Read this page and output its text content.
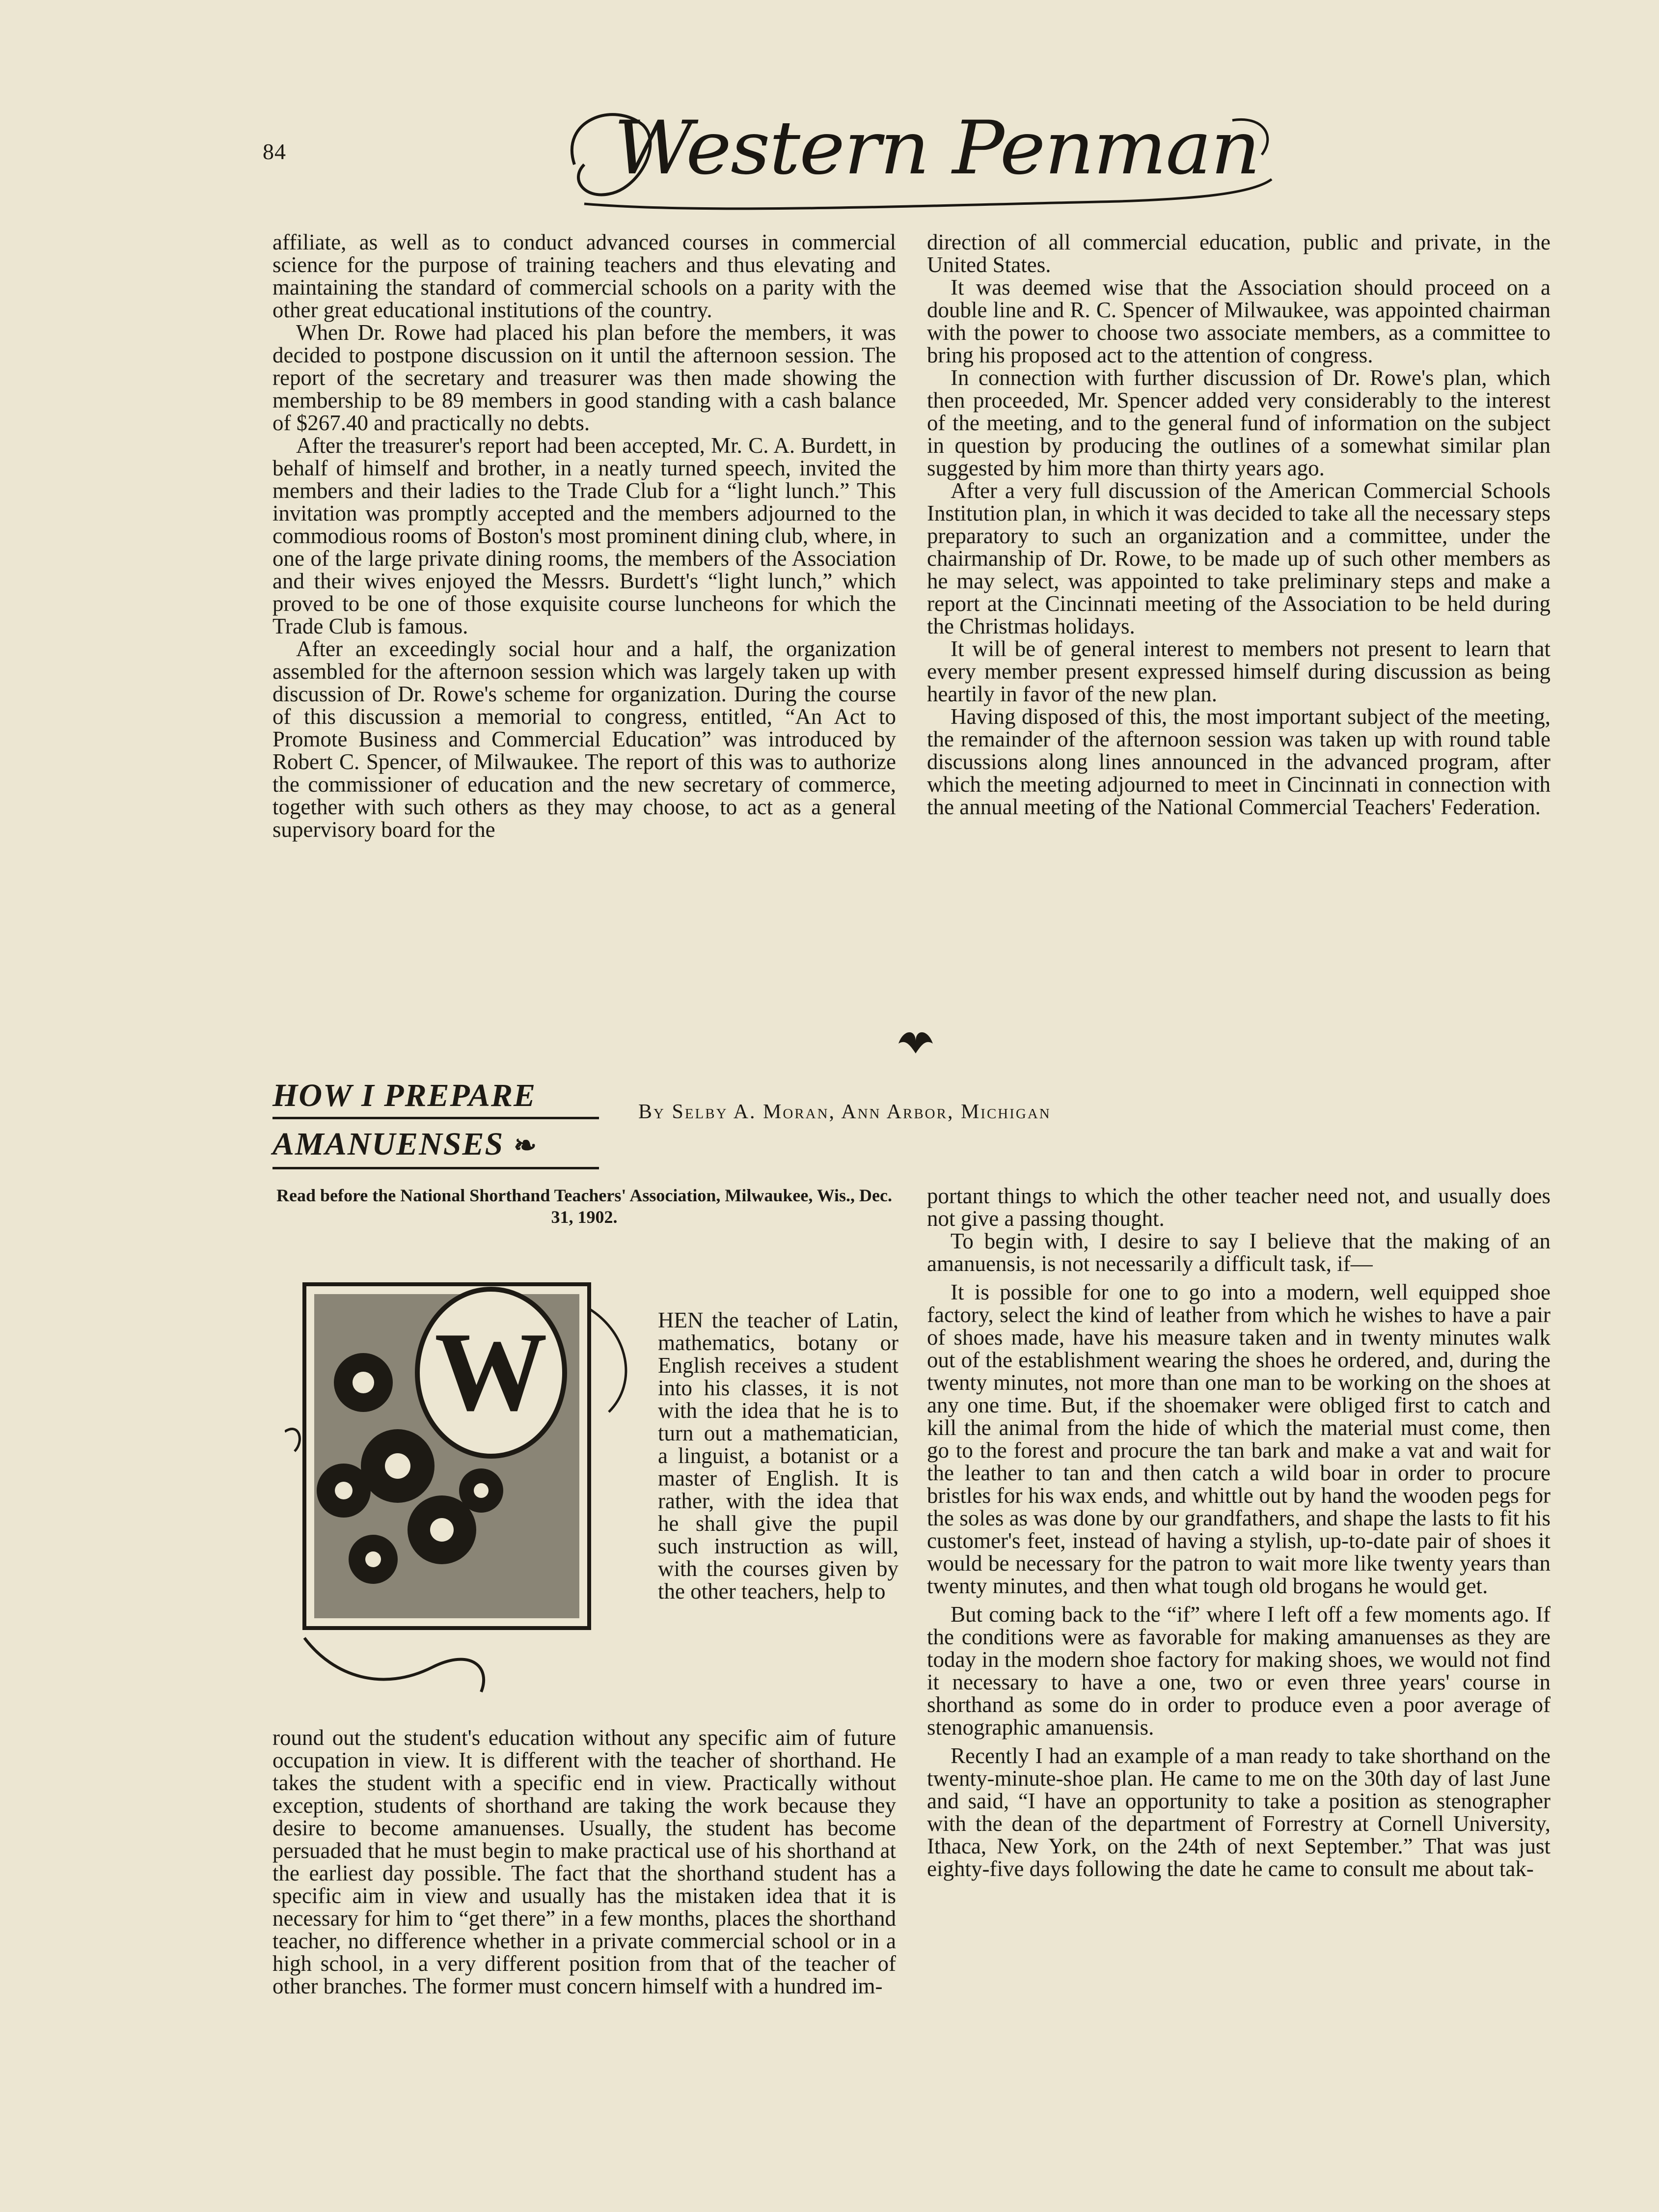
84	Western Penman

affiliate, as well as to conduct advanced courses in commercial science for the purpose of training teachers and thus elevating and maintaining the standard of commercial schools on a parity with the other great educational institutions of the country.

When Dr. Rowe had placed his plan before the members, it was decided to postpone discussion on it until the afternoon session. The report of the secretary and treasurer was then made showing the membership to be 89 members in good standing with a cash balance of $267.40 and practically no debts.

After the treasurer's report had been accepted, Mr. C. A. Burdett, in behalf of himself and brother, in a neatly turned speech, invited the members and their ladies to the Trade Club for a “light lunch.” This invitation was promptly accepted and the members adjourned to the commodious rooms of Boston's most prominent dining club, where, in one of the large private dining rooms, the members of the Association and their wives enjoyed the Messrs. Burdett's “light lunch,” which proved to be one of those exquisite course luncheons for which the Trade Club is famous.

After an exceedingly social hour and a half, the organization assembled for the afternoon session which was largely taken up with discussion of Dr. Rowe's scheme for organization. During the course of this discussion a memorial to congress, entitled, “An Act to Promote Business and Commercial Education” was introduced by Robert C. Spencer, of Milwaukee. The report of this was to authorize the commissioner of education and the new secretary of commerce, together with such others as they may choose, to act as a general supervisory board for the

direction of all commercial education, public and private, in the United States.

It was deemed wise that the Association should proceed on a double line and R. C. Spencer of Milwaukee, was appointed chairman with the power to choose two associate members, as a committee to bring his proposed act to the attention of congress.

In connection with further discussion of Dr. Rowe's plan, which then proceeded, Mr. Spencer added very considerably to the interest of the meeting, and to the general fund of information on the subject in question by producing the outlines of a somewhat similar plan suggested by him more than thirty years ago.

After a very full discussion of the American Commercial Schools Institution plan, in which it was decided to take all the necessary steps preparatory to such an organization and a committee, under the chairmanship of Dr. Rowe, to be made up of such other members as he may select, was appointed to take preliminary steps and make a report at the Cincinnati meeting of the Association to be held during the Christmas holidays.

It will be of general interest to members not present to learn that every member present expressed himself during discussion as being heartily in favor of the new plan.

Having disposed of this, the most important subject of the meeting, the remainder of the afternoon session was taken up with round table discussions along lines announced in the advanced program, after which the meeting adjourned to meet in Cincinnati in connection with the annual meeting of the National Commercial Teachers' Federation.

HOW I PREPARE
AMANUENSES ❧
By Selby A. Moran, Ann Arbor, Michigan
Read before the National Shorthand Teachers' Association, Milwaukee, Wis., Dec. 31, 1902.
W	HEN the teacher of Latin, mathematics, botany or English receives a student into his classes, it is not with the idea that he is to turn out a mathematician, a linguist, a botanist or a master of English. It is rather, with the idea that he shall give the pupil such instruction as will, with the courses given by the other teachers, help to

round out the student's education without any specific aim of future occupation in view. It is different with the teacher of shorthand. He takes the student with a specific end in view. Practically without exception, students of shorthand are taking the work because they desire to become amanuenses. Usually, the student has become persuaded that he must begin to make practical use of his shorthand at the earliest day possible. The fact that the shorthand student has a specific aim in view and usually has the mistaken idea that it is necessary for him to “get there” in a few months, places the shorthand teacher, no difference whether in a private commercial school or in a high school, in a very different position from that of the teacher of other branches. The former must concern himself with a hundred im-

portant things to which the other teacher need not, and usually does not give a passing thought.

To begin with, I desire to say I believe that the making of an amanuensis, is not necessarily a difficult task, if—

It is possible for one to go into a modern, well equipped shoe factory, select the kind of leather from which he wishes to have a pair of shoes made, have his measure taken and in twenty minutes walk out of the establishment wearing the shoes he ordered, and, during the twenty minutes, not more than one man to be working on the shoes at any one time. But, if the shoemaker were obliged first to catch and kill the animal from the hide of which the material must come, then go to the forest and procure the tan bark and make a vat and wait for the leather to tan and then catch a wild boar in order to procure bristles for his wax ends, and whittle out by hand the wooden pegs for the soles as was done by our grandfathers, and shape the lasts to fit his customer's feet, instead of having a stylish, up-to-date pair of shoes it would be necessary for the patron to wait more like twenty years than twenty minutes, and then what tough old brogans he would get.

But coming back to the “if” where I left off a few moments ago. If the conditions were as favorable for making amanuenses as they are today in the modern shoe factory for making shoes, we would not find it necessary to have a one, two or even three years' course in shorthand as some do in order to produce even a poor average of stenographic amanuensis.

Recently I had an example of a man ready to take shorthand on the twenty-minute-shoe plan. He came to me on the 30th day of last June and said, “I have an opportunity to take a position as stenographer with the dean of the department of Forrestry at Cornell University, Ithaca, New York, on the 24th of next September.” That was just eighty-five days following the date he came to consult me about tak-
